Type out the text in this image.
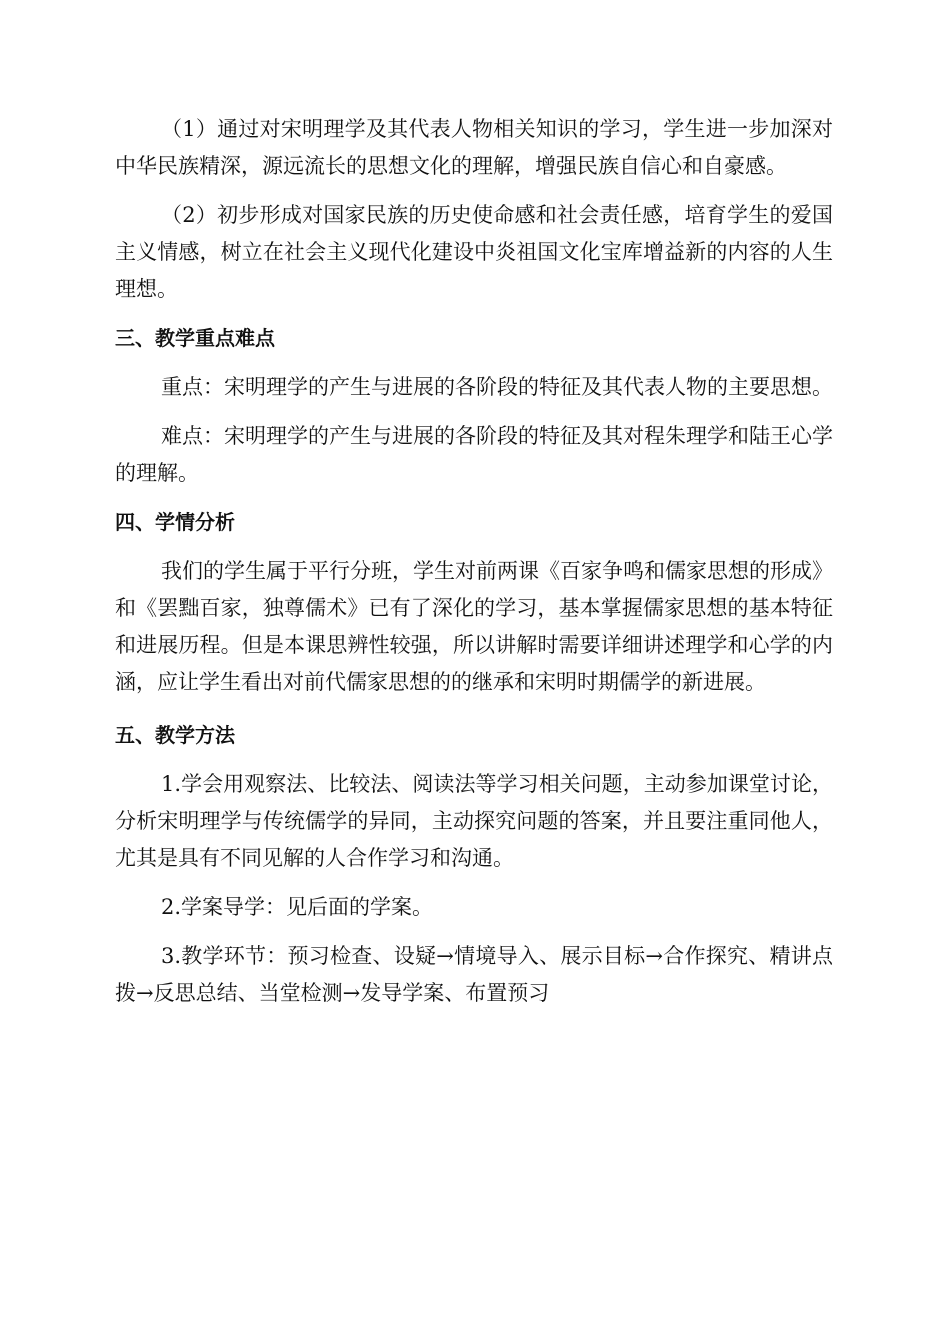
（1）通过对宋明理学及其代表人物相关知识的学习，学生进一步加深对中华民族精深，源远流长的思想文化的理解，增强民族自信心和自豪感。

（2）初步形成对国家民族的历史使命感和社会责任感，培育学生的爱国主义情感，树立在社会主义现代化建设中炎祖国文化宝库增益新的内容的人生理想。

三、教学重点难点

重点：宋明理学的产生与进展的各阶段的特征及其代表人物的主要思想。

难点：宋明理学的产生与进展的各阶段的特征及其对程朱理学和陆王心学的理解。

四、学情分析

我们的学生属于平行分班，学生对前两课《百家争鸣和儒家思想的形成》和《罢黜百家，独尊儒术》已有了深化的学习，基本掌握儒家思想的基本特征和进展历程。但是本课思辨性较强，所以讲解时需要详细讲述理学和心学的内涵，应让学生看出对前代儒家思想的的继承和宋明时期儒学的新进展。

五、教学方法

1.学会用观察法、比较法、阅读法等学习相关问题，主动参加课堂讨论，分析宋明理学与传统儒学的异同，主动探究问题的答案，并且要注重同他人，尤其是具有不同见解的人合作学习和沟通。

2.学案导学：见后面的学案。

3.教学环节：预习检查、设疑→情境导入、展示目标→合作探究、精讲点拨→反思总结、当堂检测→发导学案、布置预习
